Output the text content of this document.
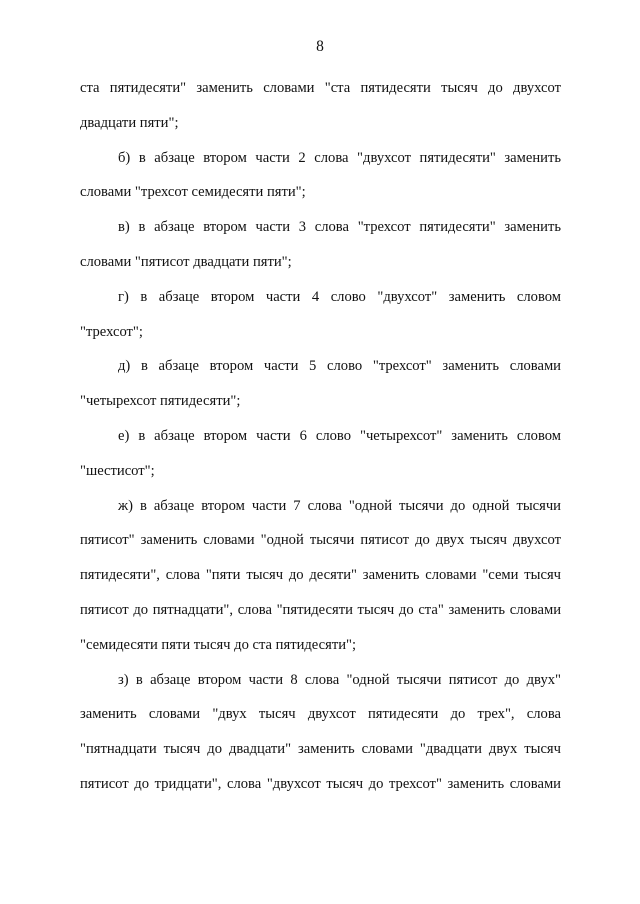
8
ста пятидесяти" заменить словами "ста пятидесяти тысяч до двухсот
двадцати пяти";
б) в абзаце втором части 2 слова "двухсот пятидесяти" заменить
словами "трехсот семидесяти пяти";
в) в абзаце втором части 3 слова "трехсот пятидесяти" заменить
словами "пятисот двадцати пяти";
г) в абзаце втором части 4 слово "двухсот" заменить словом
"трехсот";
д) в абзаце втором части 5 слово "трехсот" заменить словами
"четырехсот пятидесяти";
е) в абзаце втором части 6 слово "четырехсот" заменить словом
"шестисот";
ж) в абзаце втором части 7 слова "одной тысячи до одной тысячи
пятисот" заменить словами "одной тысячи пятисот до двух тысяч двухсот
пятидесяти", слова "пяти тысяч до десяти" заменить словами "семи тысяч
пятисот до пятнадцати", слова "пятидесяти тысяч до ста" заменить словами
"семидесяти пяти тысяч до ста пятидесяти";
з) в абзаце втором части 8 слова "одной тысячи пятисот до двух"
заменить словами "двух тысяч двухсот пятидесяти до трех", слова
"пятнадцати тысяч до двадцати" заменить словами "двадцати двух тысяч
пятисот до тридцати", слова "двухсот тысяч до трехсот" заменить словами
